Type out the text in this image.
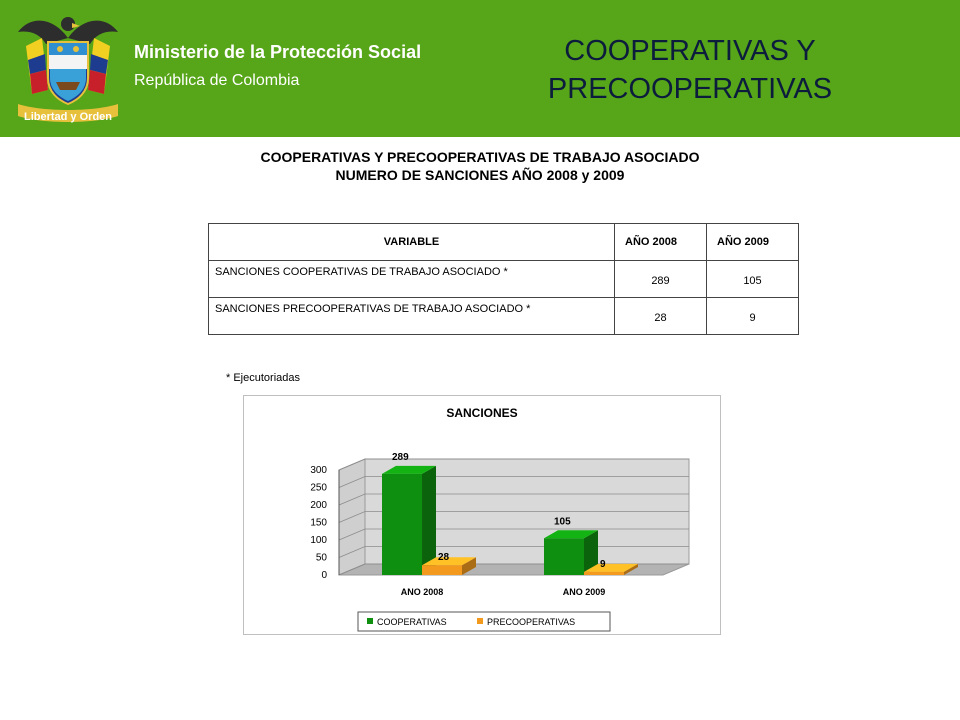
Libertad y Orden
Ministerio de la Protección Social
República de Colombia
COOPERATIVAS Y
PRECOOPERATIVAS
COOPERATIVAS Y PRECOOPERATIVAS DE TRABAJO ASOCIADO
NUMERO DE SANCIONES AÑO 2008 y 2009
VARIABLE	AÑO 2008	AÑO 2009
SANCIONES COOPERATIVAS DE TRABAJO ASOCIADO *	289	105
SANCIONES PRECOOPERATIVAS DE TRABAJO ASOCIADO *	28	9
* Ejecutoriadas
SANCIONES
0
50
100
150
200
250
300
289
28
ANO 2008
105
9
ANO 2009
COOPERATIVAS	PRECOOPERATIVAS
